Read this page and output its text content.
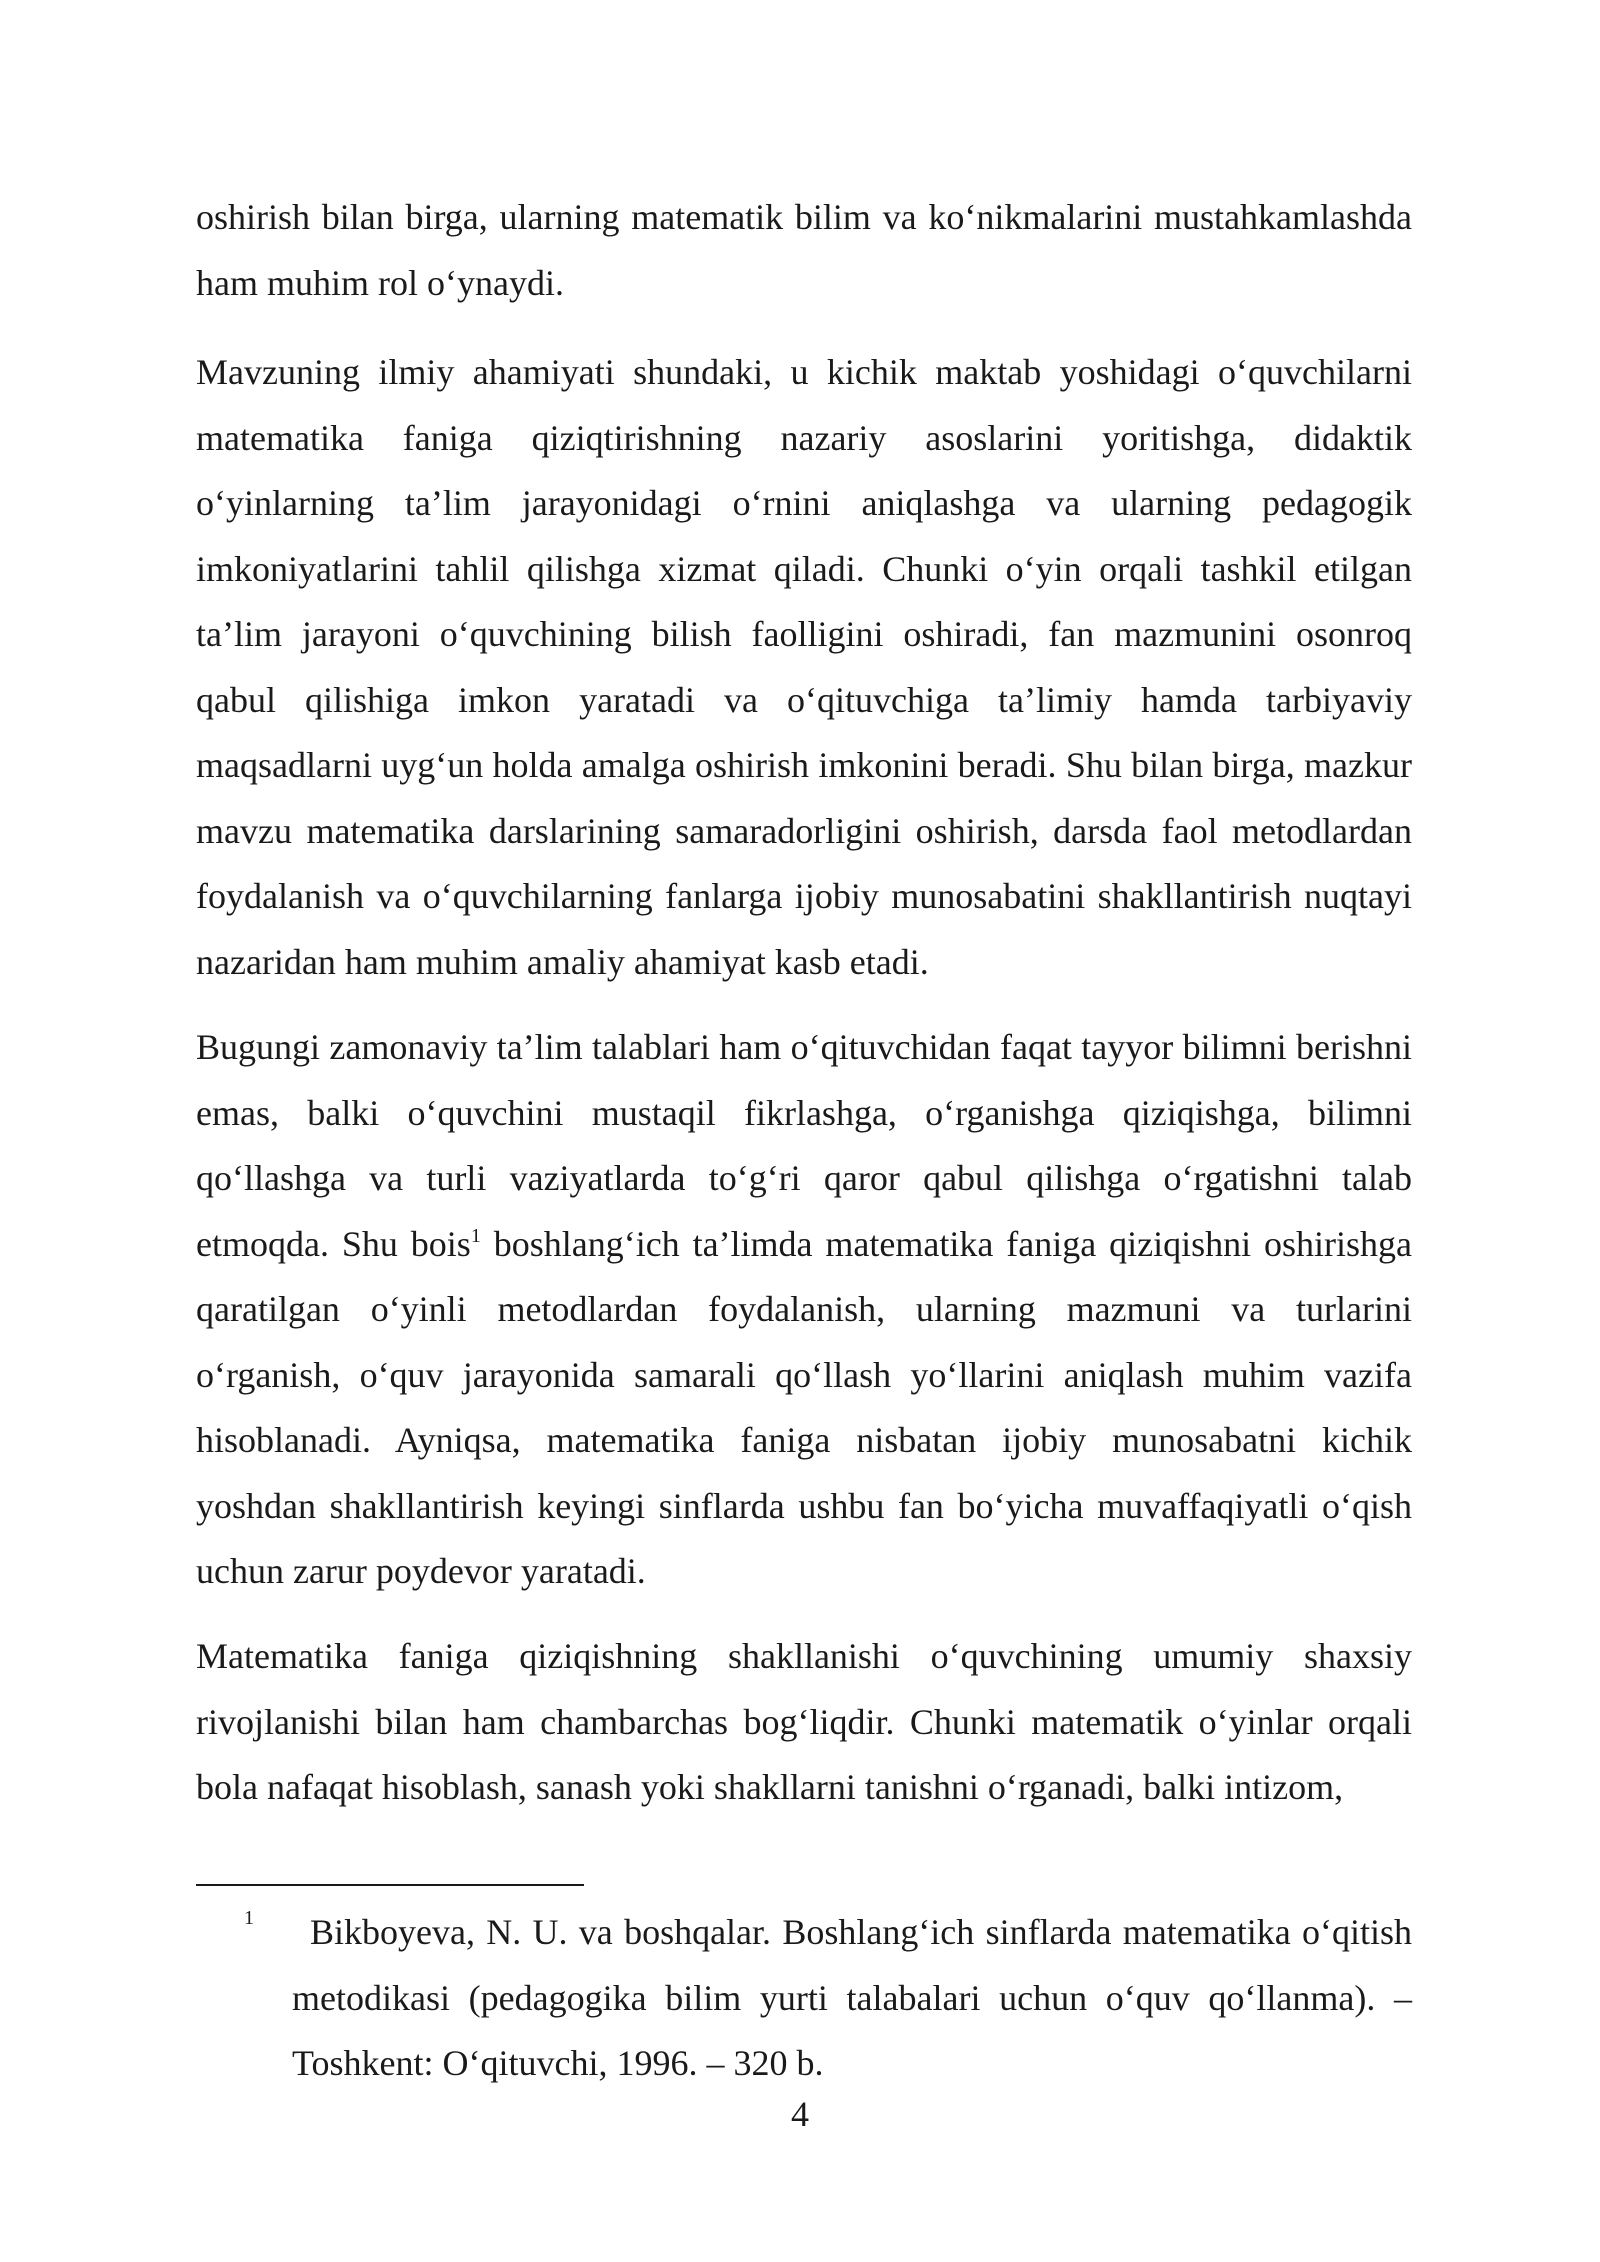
oshirish bilan birga, ularning matematik bilim va ko‘nikmalarini mustahkamlashda ham muhim rol o‘ynaydi.

Mavzuning ilmiy ahamiyati shundaki, u kichik maktab yoshidagi o‘quvchilarni matematika faniga qiziqtirishning nazariy asoslarini yoritishga, didaktik o‘yinlarning ta’lim jarayonidagi o‘rnini aniqlashga va ularning pedagogik imkoniyatlarini tahlil qilishga xizmat qiladi. Chunki o‘yin orqali tashkil etilgan ta’lim jarayoni o‘quvchining bilish faolligini oshiradi, fan mazmunini osonroq qabul qilishiga imkon yaratadi va o‘qituvchiga ta’limiy hamda tarbiyaviy maqsadlarni uyg‘un holda amalga oshirish imkonini beradi. Shu bilan birga, mazkur mavzu matematika darslarining samaradorligini oshirish, darsda faol metodlardan foydalanish va o‘quvchilarning fanlarga ijobiy munosabatini shakllantirish nuqtayi nazaridan ham muhim amaliy ahamiyat kasb etadi.

Bugungi zamonaviy ta’lim talablari ham o‘qituvchidan faqat tayyor bilimni berishni emas, balki o‘quvchini mustaqil fikrlashga, o‘rganishga qiziqishga, bilimni qo‘llashga va turli vaziyatlarda to‘g‘ri qaror qabul qilishga o‘rgatishni talab etmoqda. Shu bois$^1$ boshlang‘ich ta’limda matematika faniga qiziqishni oshirishga qaratilgan o‘yinli metodlardan foydalanish, ularning mazmuni va turlarini o‘rganish, o‘quv jarayonida samarali qo‘llash yo‘llarini aniqlash muhim vazifa hisoblanadi. Ayniqsa, matematika faniga nisbatan ijobiy munosabatni kichik yoshdan shakllantirish keyingi sinflarda ushbu fan bo‘yicha muvaffaqiyatli o‘qish uchun zarur poydevor yaratadi.

Matematika faniga qiziqishning shakllanishi o‘quvchining umumiy shaxsiy rivojlanishi bilan ham chambarchas bog‘liqdir. Chunki matematik o‘yinlar orqali bola nafaqat hisoblash, sanash yoki shakllarni tanishni o‘rganadi, balki intizom,

1	Bikboyeva, N. U. va boshqalar. Boshlang‘ich sinflarda matematika o‘qitish metodikasi (pedagogika bilim yurti talabalari uchun o‘quv qo‘llanma). – Toshkent: O‘qituvchi, 1996. – 320 b.
4
